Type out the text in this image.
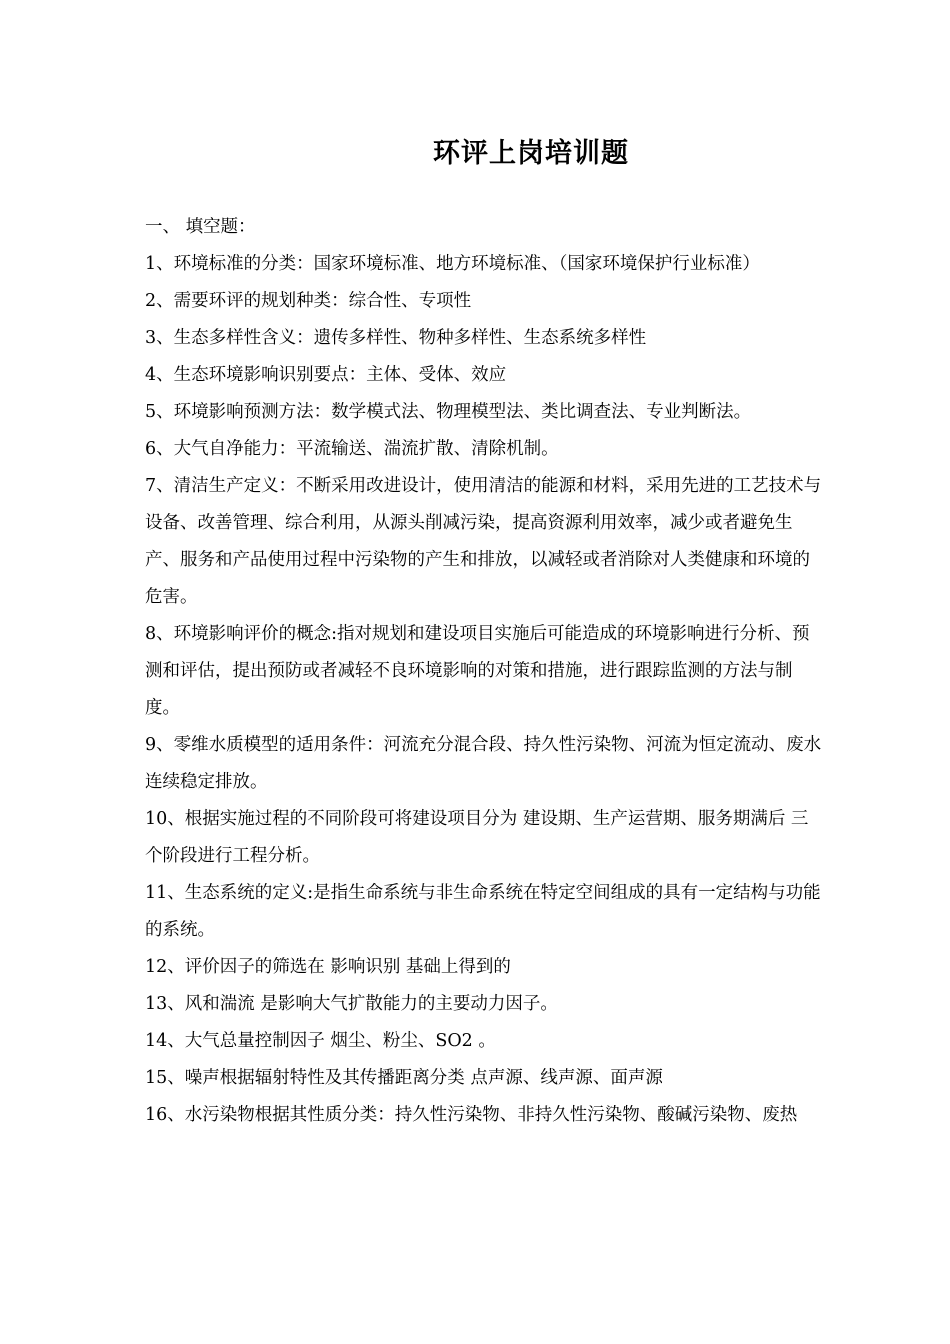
环评上岗培训题

一、 填空题：

1、环境标准的分类：国家环境标准、地方环境标准、（国家环境保护行业标准）

2、需要环评的规划种类：综合性、专项性

3、生态多样性含义：遗传多样性、物种多样性、生态系统多样性

4、生态环境影响识别要点：主体、受体、效应

5、环境影响预测方法：数学模式法、物理模型法、类比调查法、专业判断法。

6、大气自净能力：平流输送、湍流扩散、清除机制。

7、清洁生产定义：不断采用改进设计，使用清洁的能源和材料，采用先进的工艺技术与设备、改善管理、综合利用，从源头削减污染，提高资源利用效率，减少或者避免生产、服务和产品使用过程中污染物的产生和排放，以减轻或者消除对人类健康和环境的危害。

8、环境影响评价的概念:指对规划和建设项目实施后可能造成的环境影响进行分析、预测和评估，提出预防或者减轻不良环境影响的对策和措施，进行跟踪监测的方法与制度。

9、零维水质模型的适用条件：河流充分混合段、持久性污染物、河流为恒定流动、废水连续稳定排放。

10、根据实施过程的不同阶段可将建设项目分为 建设期、生产运营期、服务期满后 三个阶段进行工程分析。

11、生态系统的定义:是指生命系统与非生命系统在特定空间组成的具有一定结构与功能的系统。

12、评价因子的筛选在 影响识别 基础上得到的

13、风和湍流 是影响大气扩散能力的主要动力因子。

14、大气总量控制因子 烟尘、粉尘、SO2 。

15、噪声根据辐射特性及其传播距离分类 点声源、线声源、面声源

16、水污染物根据其性质分类：持久性污染物、非持久性污染物、酸碱污染物、废热
